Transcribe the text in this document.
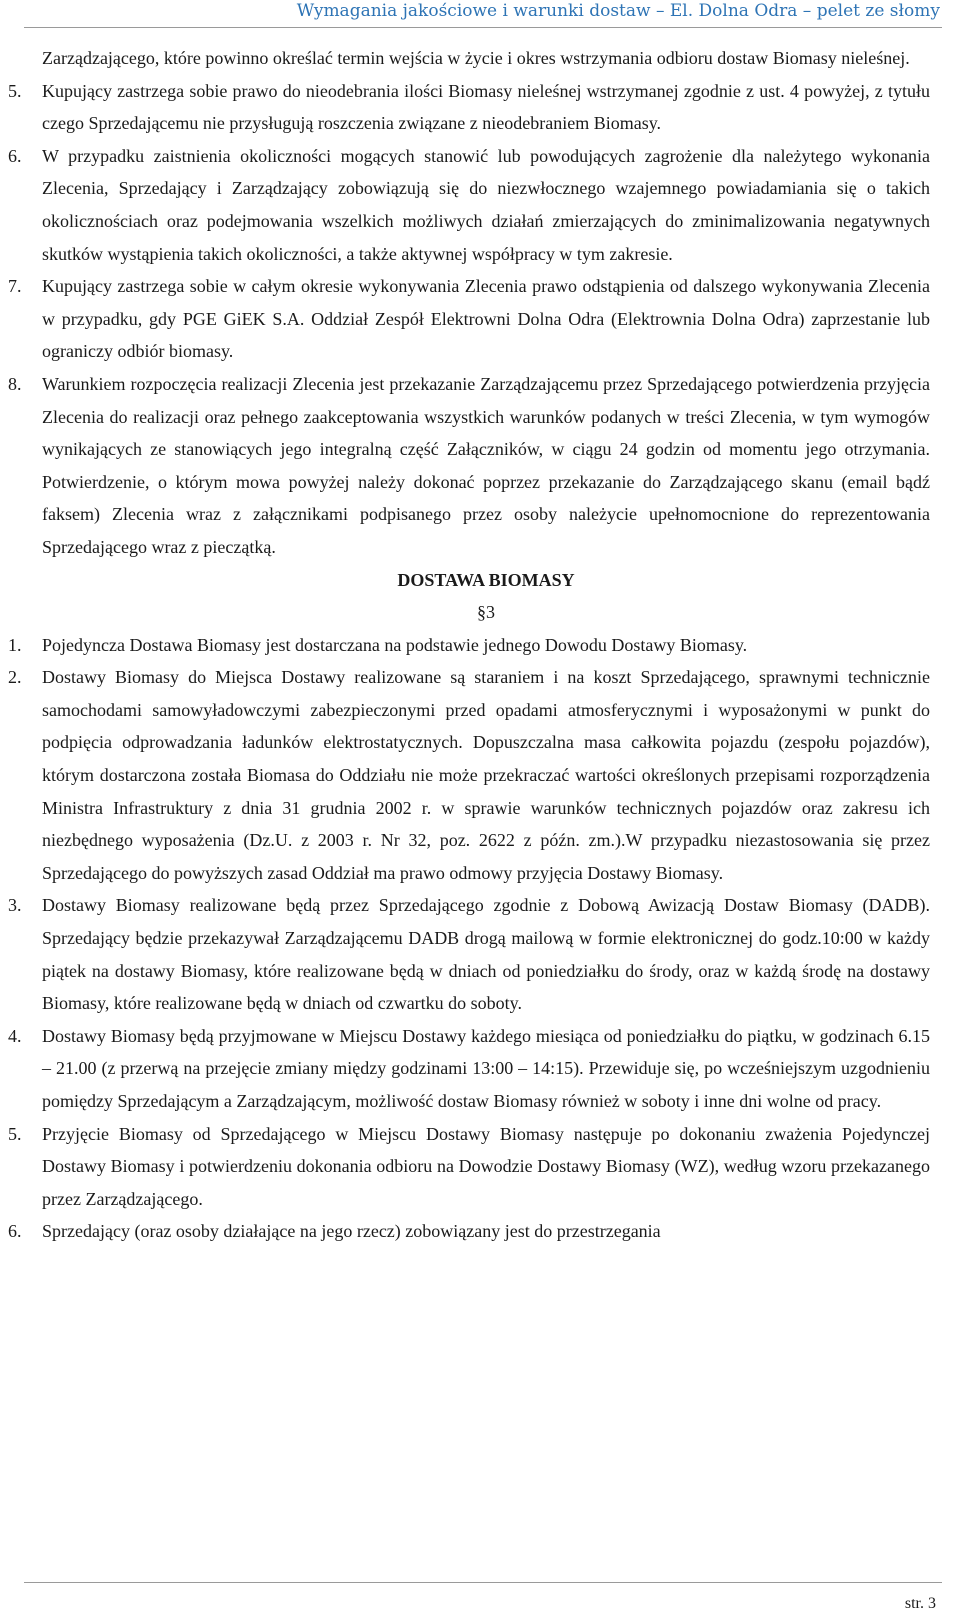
Wymagania jakościowe i warunki dostaw – El. Dolna Odra – pelet ze słomy
Zarządzającego, które powinno określać termin wejścia w życie i okres wstrzymania odbioru dostaw Biomasy nieleśnej.
5.	Kupujący zastrzega sobie prawo do nieodebrania ilości Biomasy nieleśnej wstrzymanej zgodnie z ust. 4 powyżej, z tytułu czego Sprzedającemu nie przysługują roszczenia związane z nieodebraniem Biomasy.
6.	W przypadku zaistnienia okoliczności mogących stanowić lub powodujących zagrożenie dla należytego wykonania Zlecenia, Sprzedający i Zarządzający zobowiązują się do niezwłocznego wzajemnego powiadamiania się o takich okolicznościach oraz podejmowania wszelkich możliwych działań zmierzających do zminimalizowania negatywnych skutków wystąpienia takich okoliczności, a także aktywnej współpracy w tym zakresie.
7.	Kupujący zastrzega sobie w całym okresie wykonywania Zlecenia prawo odstąpienia od dalszego wykonywania Zlecenia w przypadku, gdy PGE GiEK S.A. Oddział Zespół Elektrowni Dolna Odra (Elektrownia Dolna Odra) zaprzestanie lub ograniczy odbiór biomasy.
8.	Warunkiem rozpoczęcia realizacji Zlecenia jest przekazanie Zarządzającemu przez Sprzedającego potwierdzenia przyjęcia Zlecenia do realizacji oraz pełnego zaakceptowania wszystkich warunków podanych w treści Zlecenia, w tym wymogów wynikających ze stanowiących jego integralną część Załączników, w ciągu 24 godzin od momentu jego otrzymania. Potwierdzenie, o którym mowa powyżej należy dokonać poprzez przekazanie do Zarządzającego skanu (email bądź faksem) Zlecenia wraz z załącznikami podpisanego przez osoby należycie upełnomocnione do reprezentowania Sprzedającego wraz z pieczątką.
DOSTAWA BIOMASY
§3
1.	Pojedyncza Dostawa Biomasy jest dostarczana na podstawie jednego Dowodu Dostawy Biomasy.
2.	Dostawy Biomasy do Miejsca Dostawy realizowane są staraniem i na koszt Sprzedającego, sprawnymi technicznie samochodami samowyładowczymi zabezpieczonymi przed opadami atmosferycznymi i wyposażonymi w punkt do podpięcia odprowadzania ładunków elektrostatycznych. Dopuszczalna masa całkowita pojazdu (zespołu pojazdów), którym dostarczona została Biomasa do Oddziału nie może przekraczać wartości określonych przepisami rozporządzenia Ministra Infrastruktury z dnia 31 grudnia 2002 r. w sprawie warunków technicznych pojazdów oraz zakresu ich niezbędnego wyposażenia (Dz.U. z 2003 r. Nr 32, poz. 2622 z późn. zm.).W przypadku niezastosowania się przez Sprzedającego do powyższych zasad Oddział ma prawo odmowy przyjęcia Dostawy Biomasy.
3.	Dostawy Biomasy realizowane będą przez Sprzedającego zgodnie z Dobową Awizacją Dostaw Biomasy (DADB). Sprzedający będzie przekazywał Zarządzającemu DADB drogą mailową w formie elektronicznej do godz.10:00 w każdy piątek na dostawy Biomasy, które realizowane będą w dniach od poniedziałku do środy, oraz w każdą środę na dostawy Biomasy, które realizowane będą w dniach od czwartku do soboty.
4.	Dostawy Biomasy będą przyjmowane w Miejscu Dostawy każdego miesiąca od poniedziałku do piątku, w godzinach 6.15 – 21.00 (z przerwą na przejęcie zmiany między godzinami 13:00 – 14:15). Przewiduje się, po wcześniejszym uzgodnieniu pomiędzy Sprzedającym a Zarządzającym, możliwość dostaw Biomasy również w soboty i inne dni wolne od pracy.
5.	Przyjęcie Biomasy od Sprzedającego w Miejscu Dostawy Biomasy następuje po dokonaniu zważenia Pojedynczej Dostawy Biomasy i potwierdzeniu dokonania odbioru na Dowodzie Dostawy Biomasy (WZ), według wzoru przekazanego przez Zarządzającego.
6.	Sprzedający (oraz osoby działające na jego rzecz) zobowiązany jest do przestrzegania
str. 3
